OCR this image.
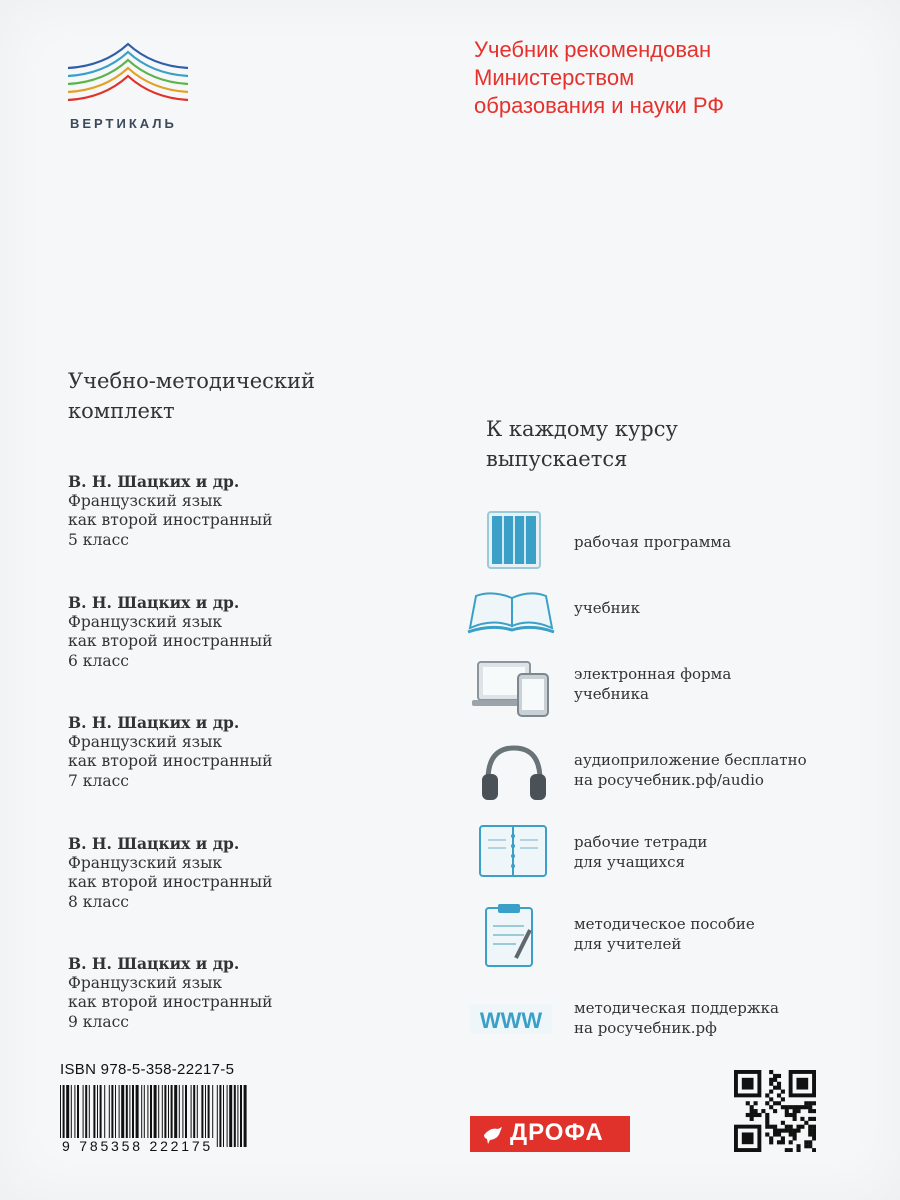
ВЕРТИКАЛЬ
Учебник рекомендован
Министерством
образования и науки РФ
Учебно-методический
комплект
В. Н. Шацких и др.
Французский язык
как второй иностранный
5 класс
В. Н. Шацких и др.
Французский язык
как второй иностранный
6 класс
В. Н. Шацких и др.
Французский язык
как второй иностранный
7 класс
В. Н. Шацких и др.
Французский язык
как второй иностранный
8 класс
В. Н. Шацких и др.
Французский язык
как второй иностранный
9 класс
К каждому курсу
выпускается
рабочая программа
учебник
электронная форма
учебника
аудиоприложение бесплатно
на росучебник.рф/audio
рабочие тетради
для учащихся
методическое пособие
для учителей
WWW методическая поддержка
на росучебник.рф
ISBN 978-5-358-22217-5
9 785358 222175	ДРОФА
